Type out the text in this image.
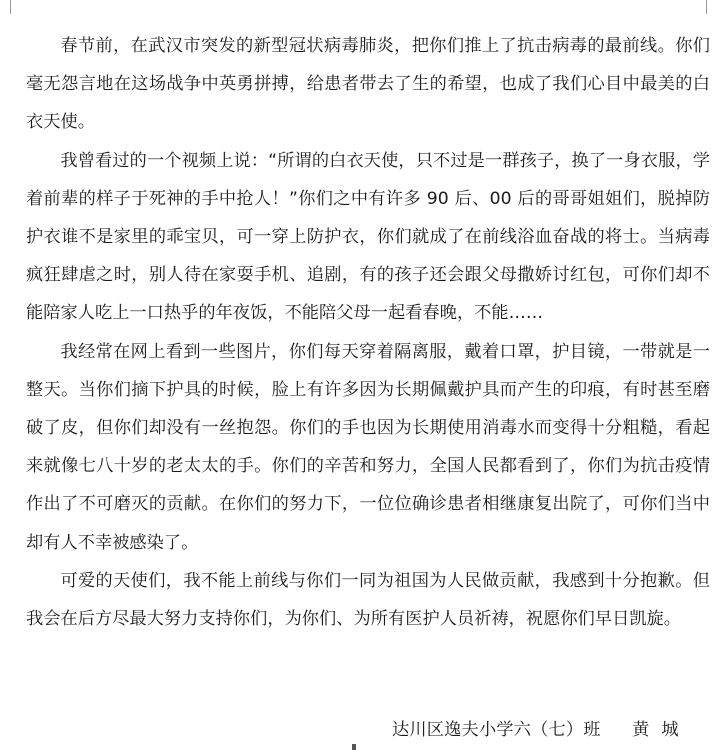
春节前，在武汉市突发的新型冠状病毒肺炎，把你们推上了抗击病毒的最前线。你们毫无怨言地在这场战争中英勇拼搏，给患者带去了生的希望，也成了我们心目中最美的白衣天使。

我曾看过的一个视频上说：“所谓的白衣天使，只不过是一群孩子，换了一身衣服，学着前辈的样子于死神的手中抢人！”你们之中有许多 90 后、00 后的哥哥姐姐们，脱掉防护衣谁不是家里的乖宝贝，可一穿上防护衣，你们就成了在前线浴血奋战的将士。当病毒疯狂肆虐之时，别人待在家耍手机、追剧，有的孩子还会跟父母撒娇讨红包，可你们却不能陪家人吃上一口热乎的年夜饭，不能陪父母一起看春晚，不能……

我经常在网上看到一些图片，你们每天穿着隔离服，戴着口罩，护目镜，一带就是一整天。当你们摘下护具的时候，脸上有许多因为长期佩戴护具而产生的印痕，有时甚至磨破了皮，但你们却没有一丝抱怨。你们的手也因为长期使用消毒水而变得十分粗糙，看起来就像七八十岁的老太太的手。你们的辛苦和努力，全国人民都看到了，你们为抗击疫情作出了不可磨灭的贡献。在你们的努力下，一位位确诊患者相继康复出院了，可你们当中却有人不幸被感染了。

可爱的天使们，我不能上前线与你们一同为祖国为人民做贡献，我感到十分抱歉。但我会在后方尽最大努力支持你们，为你们、为所有医护人员祈祷，祝愿你们早日凯旋。

达川区逸夫小学六（七）班 黄城
